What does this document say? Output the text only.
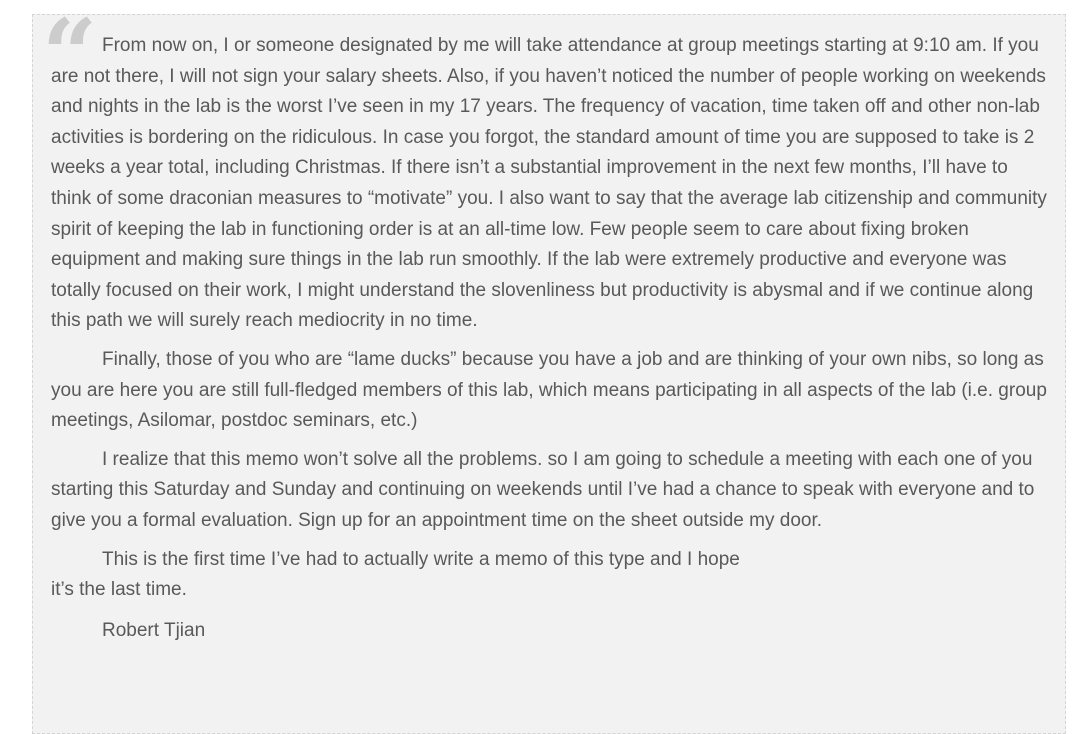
“ From now on, I or someone designated by me will take attendance at group meetings starting at 9:10 am. If you are not there, I will not sign your salary sheets. Also, if you haven’t noticed the number of people working on weekends and nights in the lab is the worst I’ve seen in my 17 years. The frequency of vacation, time taken off and other non-lab activities is bordering on the ridiculous. In case you forgot, the standard amount of time you are supposed to take is 2 weeks a year total, including Christmas. If there isn’t a substantial improvement in the next few months, I’ll have to think of some draconian measures to “motivate” you. I also want to say that the average lab citizenship and community spirit of keeping the lab in functioning order is at an all-time low. Few people seem to care about fixing broken equipment and making sure things in the lab run smoothly. If the lab were extremely productive and everyone was totally focused on their work, I might understand the slovenliness but productivity is abysmal and if we continue along this path we will surely reach mediocrity in no time.

Finally, those of you who are “lame ducks” because you have a job and are thinking of your own nibs, so long as you are here you are still full-fledged members of this lab, which means participating in all aspects of the lab (i.e. group meetings, Asilomar, postdoc seminars, etc.)

I realize that this memo won’t solve all the problems. so I am going to schedule a meeting with each one of you starting this Saturday and Sunday and continuing on weekends until I’ve had a chance to speak with everyone and to give you a formal evaluation. Sign up for an appointment time on the sheet outside my door.

This is the first time I’ve had to actually write a memo of this type and I hope

it’s the last time.

Robert Tjian
